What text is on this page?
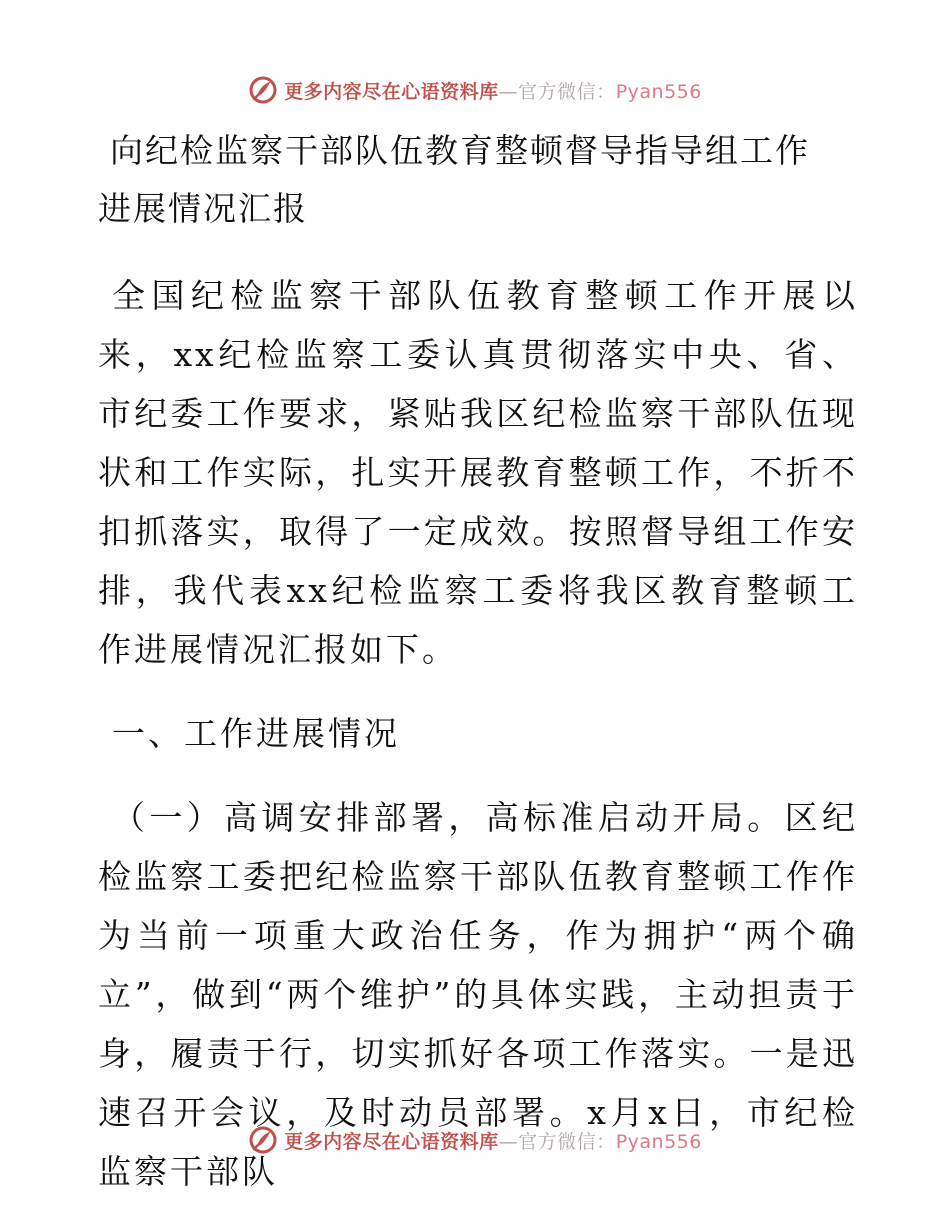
更多内容尽在心语资料库—官方微信：Pyan556
向纪检监察干部队伍教育整顿督导指导组工作进展情况汇报

全国纪检监察干部队伍教育整顿工作开展以来，xx纪检监察工委认真贯彻落实中央、省、市纪委工作要求，紧贴我区纪检监察干部队伍现状和工作实际，扎实开展教育整顿工作，不折不扣抓落实，取得了一定成效。按照督导组工作安排，我代表xx纪检监察工委将我区教育整顿工作进展情况汇报如下。

一、工作进展情况

（一）高调安排部署，高标准启动开局。区纪检监察工委把纪检监察干部队伍教育整顿工作作为当前一项重大政治任务，作为拥护“两个确立”，做到“两个维护”的具体实践，主动担责于身，履责于行，切实抓好各项工作落实。一是迅速召开会议，及时动员部署。x月x日，市纪检监察干部队

更多内容尽在心语资料库—官方微信：Pyan556
